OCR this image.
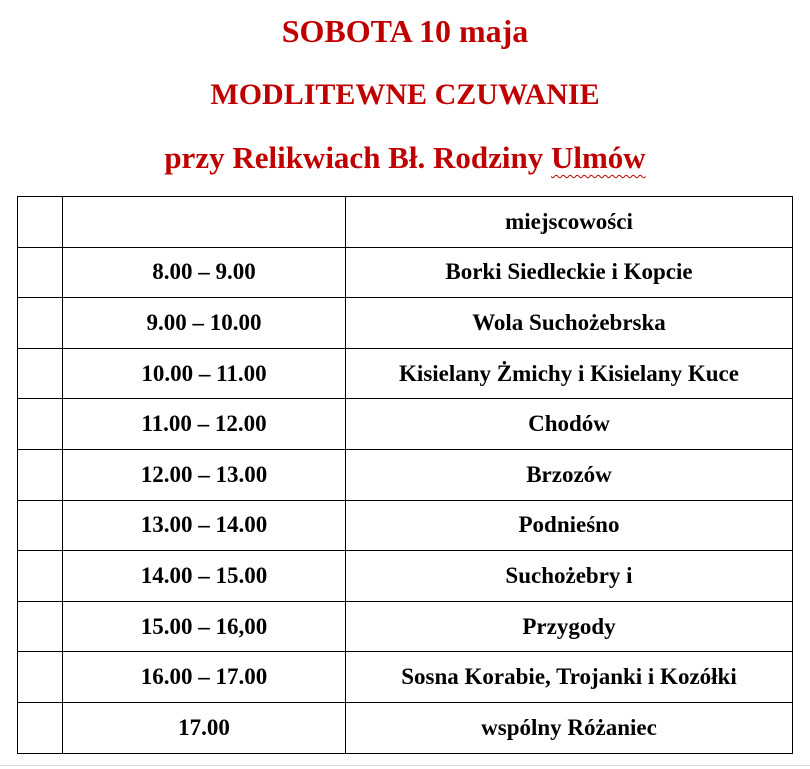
SOBOTA 10 maja
MODLITEWNE CZUWANIE
przy Relikwiach Bł. Rodziny Ulmów
		miejscowości
	8.00 – 9.00	Borki Siedleckie i Kopcie
	9.00 – 10.00	Wola Suchożebrska
	10.00 – 11.00	Kisielany Żmichy i Kisielany Kuce
	11.00 – 12.00	Chodów
	12.00 – 13.00	Brzozów
	13.00 – 14.00	Podnieśno
	14.00 – 15.00	Suchożebry i
	15.00 – 16,00	Przygody
	16.00 – 17.00	Sosna Korabie, Trojanki i Kozółki
	17.00	wspólny Różaniec
